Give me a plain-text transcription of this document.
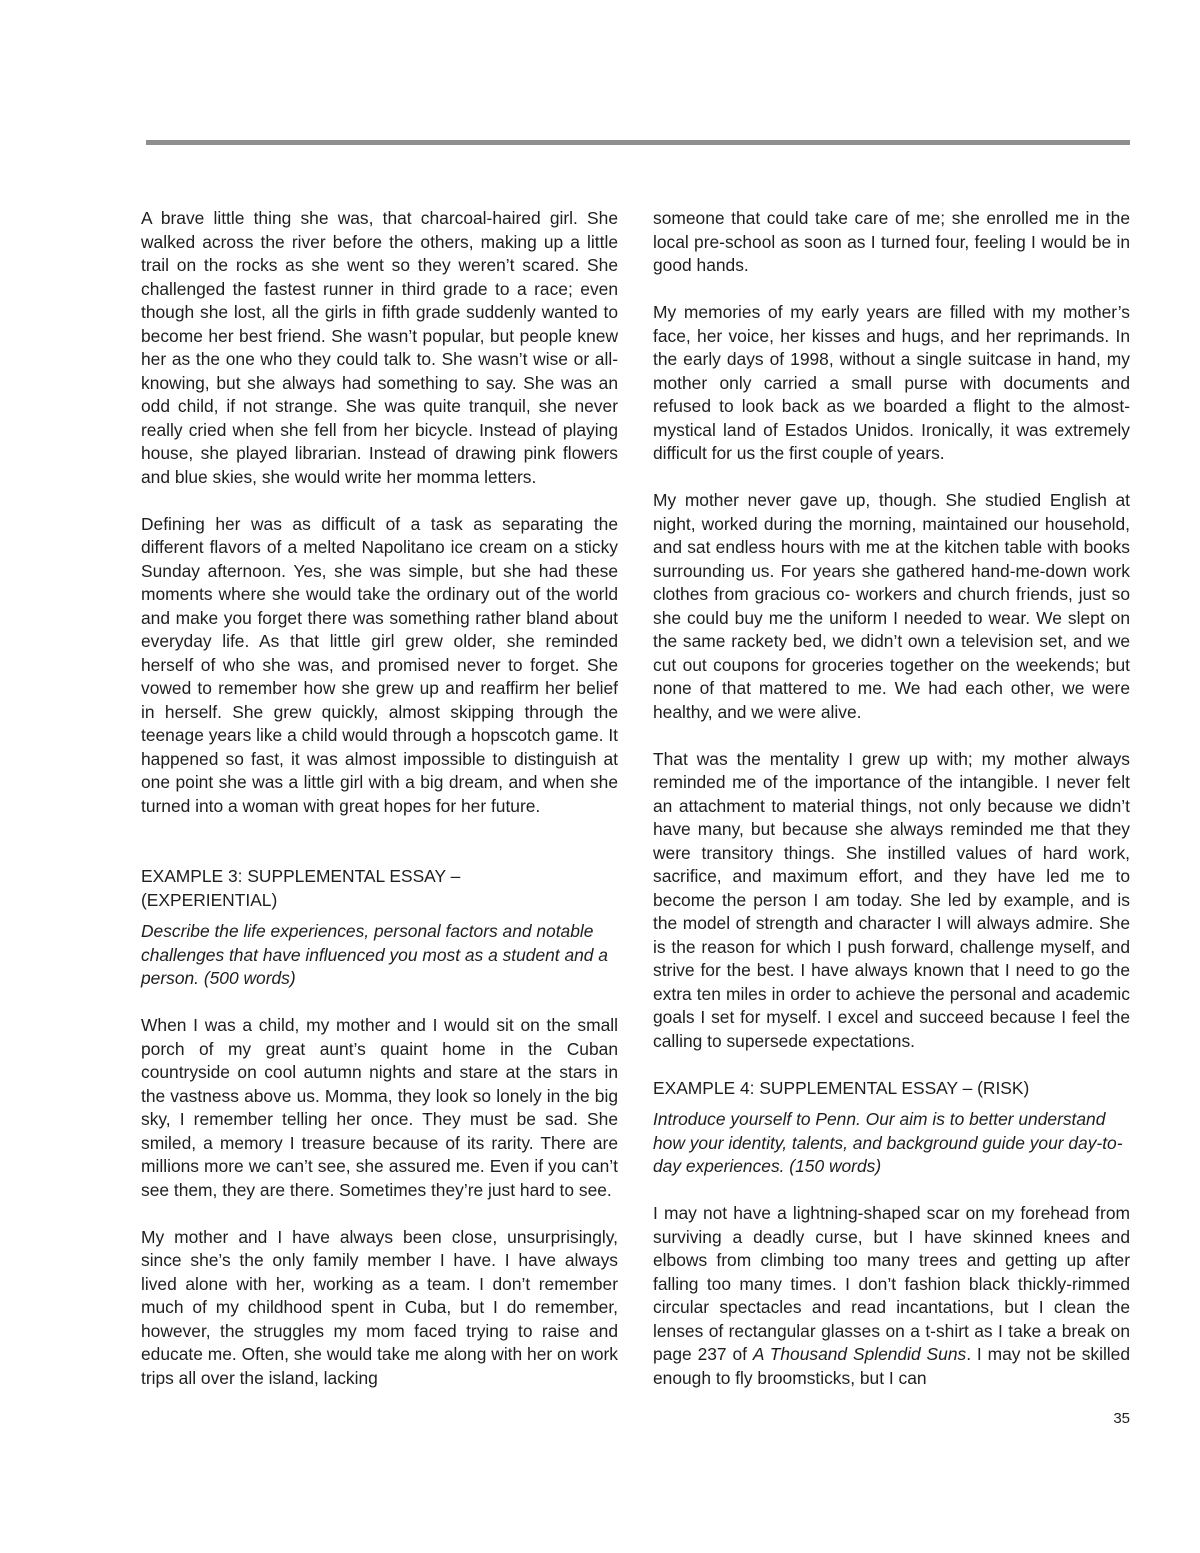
A brave little thing she was, that charcoal-haired girl. She walked across the river before the others, making up a little trail on the rocks as she went so they weren’t scared. She challenged the fastest runner in third grade to a race; even though she lost, all the girls in fifth grade suddenly wanted to become her best friend. She wasn’t popular, but people knew her as the one who they could talk to. She wasn’t wise or all-knowing, but she always had something to say. She was an odd child, if not strange. She was quite tranquil, she never really cried when she fell from her bicycle. Instead of playing house, she played librarian. Instead of drawing pink flowers and blue skies, she would write her momma letters.

Defining her was as difficult of a task as separating the different flavors of a melted Napolitano ice cream on a sticky Sunday afternoon. Yes, she was simple, but she had these moments where she would take the ordinary out of the world and make you forget there was something rather bland about everyday life. As that little girl grew older, she reminded herself of who she was, and promised never to forget. She vowed to remember how she grew up and reaffirm her belief in herself. She grew quickly, almost skipping through the teenage years like a child would through a hopscotch game. It happened so fast, it was almost impossible to distinguish at one point she was a little girl with a big dream, and when she turned into a woman with great hopes for her future.

EXAMPLE 3: SUPPLEMENTAL ESSAY –
(EXPERIENTIAL)

Describe the life experiences, personal factors and notable challenges that have influenced you most as a student and a person. (500 words)

When I was a child, my mother and I would sit on the small porch of my great aunt’s quaint home in the Cuban countryside on cool autumn nights and stare at the stars in the vastness above us. Momma, they look so lonely in the big sky, I remember telling her once. They must be sad. She smiled, a memory I treasure because of its rarity. There are millions more we can’t see, she assured me. Even if you can’t see them, they are there. Sometimes they’re just hard to see.

My mother and I have always been close, unsurprisingly, since she’s the only family member I have. I have always lived alone with her, working as a team. I don’t remember much of my childhood spent in Cuba, but I do remember, however, the struggles my mom faced trying to raise and educate me. Often, she would take me along with her on work trips all over the island, lacking

someone that could take care of me; she enrolled me in the local pre-school as soon as I turned four, feeling I would be in good hands.

My memories of my early years are filled with my mother’s face, her voice, her kisses and hugs, and her reprimands. In the early days of 1998, without a single suitcase in hand, my mother only carried a small purse with documents and refused to look back as we boarded a flight to the almost-mystical land of Estados Unidos. Ironically, it was extremely difficult for us the first couple of years.

My mother never gave up, though. She studied English at night, worked during the morning, maintained our household, and sat endless hours with me at the kitchen table with books surrounding us. For years she gathered hand-me-down work clothes from gracious co- workers and church friends, just so she could buy me the uniform I needed to wear. We slept on the same rackety bed, we didn’t own a television set, and we cut out coupons for groceries together on the weekends; but none of that mattered to me. We had each other, we were healthy, and we were alive.

That was the mentality I grew up with; my mother always reminded me of the importance of the intangible. I never felt an attachment to material things, not only because we didn’t have many, but because she always reminded me that they were transitory things. She instilled values of hard work, sacrifice, and maximum effort, and they have led me to become the person I am today. She led by example, and is the model of strength and character I will always admire. She is the reason for which I push forward, challenge myself, and strive for the best. I have always known that I need to go the extra ten miles in order to achieve the personal and academic goals I set for myself. I excel and succeed because I feel the calling to supersede expectations.

EXAMPLE 4: SUPPLEMENTAL ESSAY – (RISK)

Introduce yourself to Penn. Our aim is to better understand how your identity, talents, and background guide your day-to-day experiences. (150 words)

I may not have a lightning-shaped scar on my forehead from surviving a deadly curse, but I have skinned knees and elbows from climbing too many trees and getting up after falling too many times. I don’t fashion black thickly-rimmed circular spectacles and read incantations, but I clean the lenses of rectangular glasses on a t-shirt as I take a break on page 237 of A Thousand Splendid Suns. I may not be skilled enough to fly broomsticks, but I can

35
